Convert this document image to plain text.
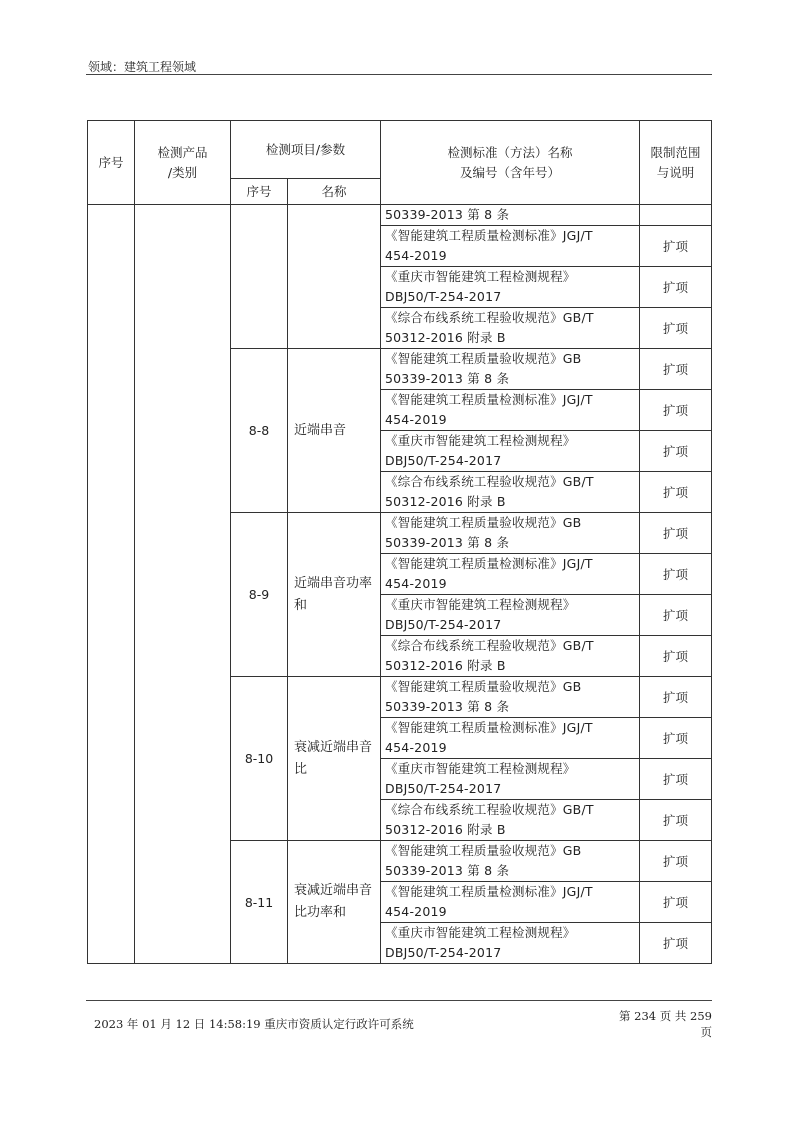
领域：建筑工程领域
序号	检测产品
/类别	检测项目/参数		检测标准（方法）名称
及编号（含年号）	限制范围
与说明
		序号	名称		
				50339-2013 第 8 条	
				《智能建筑工程质量检测标准》JGJ/T
454-2019	扩项
				《重庆市智能建筑工程检测规程》
DBJ50/T-254-2017	扩项
				《综合布线系统工程验收规范》GB/T
50312-2016 附录 B	扩项
		8-8	近端串音	《智能建筑工程质量验收规范》GB
50339-2013 第 8 条	扩项
				《智能建筑工程质量检测标准》JGJ/T
454-2019	扩项
				《重庆市智能建筑工程检测规程》
DBJ50/T-254-2017	扩项
				《综合布线系统工程验收规范》GB/T
50312-2016 附录 B	扩项
		8-9	近端串音功率和	《智能建筑工程质量验收规范》GB
50339-2013 第 8 条	扩项
				《智能建筑工程质量检测标准》JGJ/T
454-2019	扩项
				《重庆市智能建筑工程检测规程》
DBJ50/T-254-2017	扩项
				《综合布线系统工程验收规范》GB/T
50312-2016 附录 B	扩项
		8-10	衰减近端串音比	《智能建筑工程质量验收规范》GB
50339-2013 第 8 条	扩项
				《智能建筑工程质量检测标准》JGJ/T
454-2019	扩项
				《重庆市智能建筑工程检测规程》
DBJ50/T-254-2017	扩项
				《综合布线系统工程验收规范》GB/T
50312-2016 附录 B	扩项
		8-11	衰减近端串音比功率和	《智能建筑工程质量验收规范》GB
50339-2013 第 8 条	扩项
				《智能建筑工程质量检测标准》JGJ/T
454-2019	扩项
				《重庆市智能建筑工程检测规程》
DBJ50/T-254-2017	扩项
2023 年 01 月 12 日 14:58:19 重庆市资质认定行政许可系统
第 234 页 共 259
页
